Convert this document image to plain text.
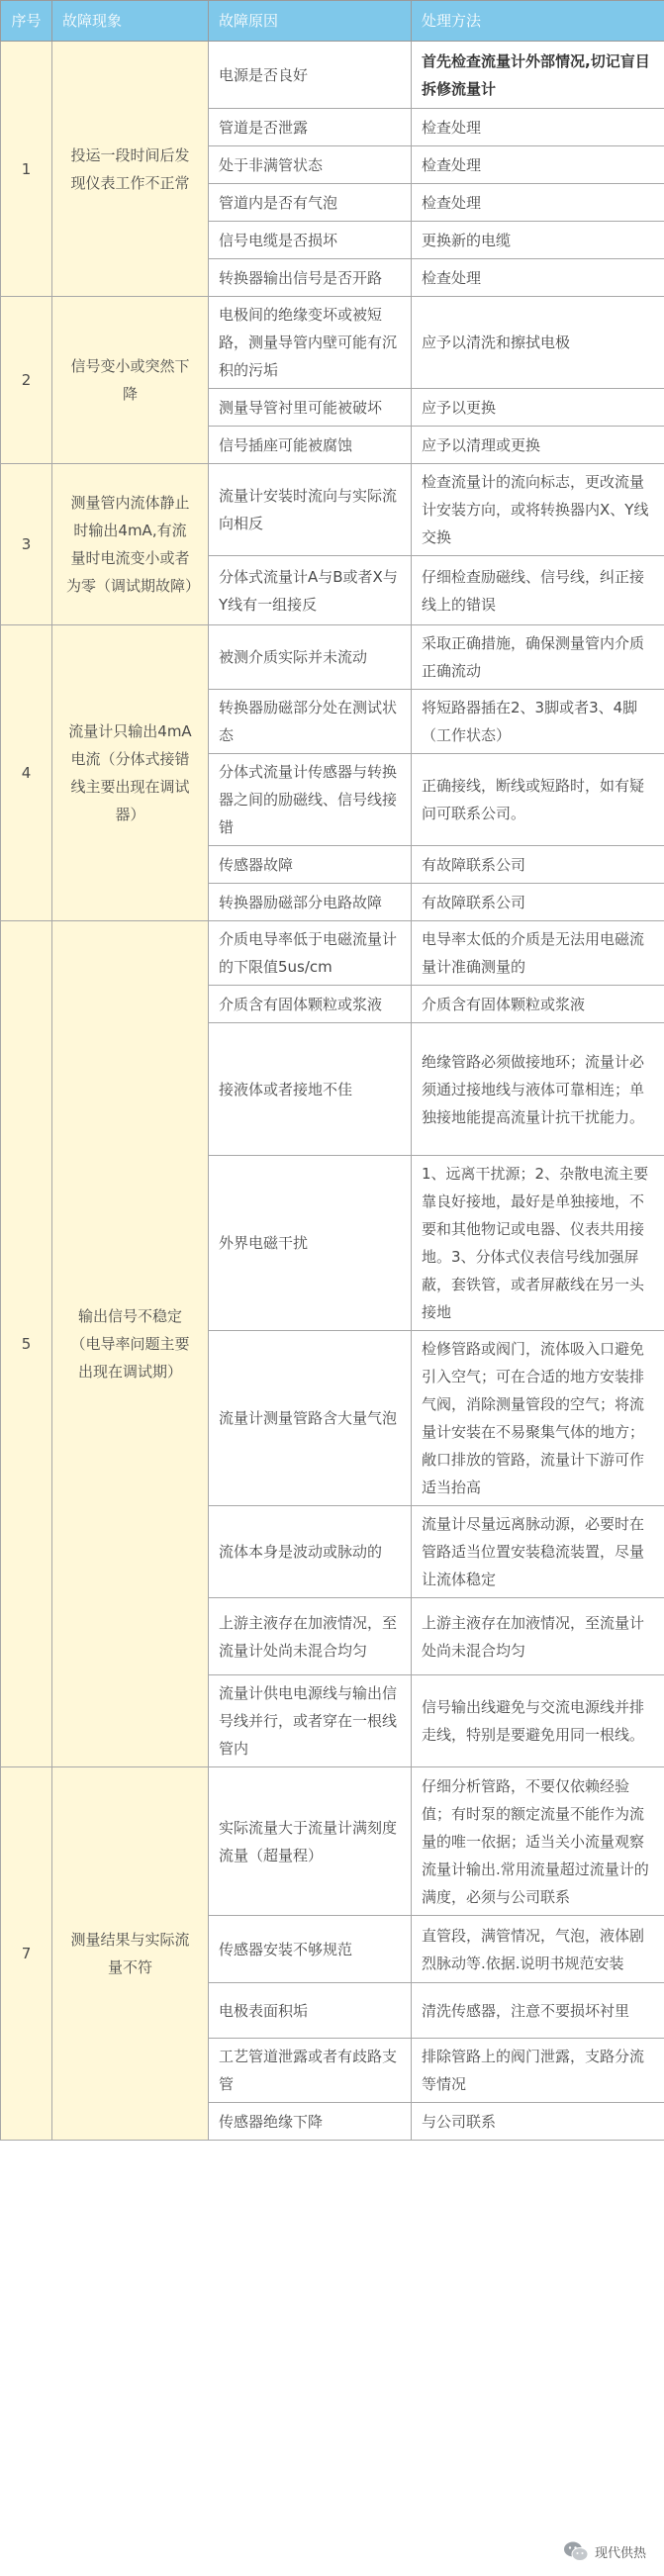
序号	故障现象	故障原因	处理方法
1	投运一段时间后发现仪表工作不正常	电源是否良好	首先检查流量计外部情况,切记盲目拆修流量计
		管道是否泄露	检查处理
		处于非满管状态	检查处理
		管道内是否有气泡	检查处理
		信号电缆是否损坏	更换新的电缆
		转换器输出信号是否开路	检查处理
2	信号变小或突然下降	电极间的绝缘变坏或被短路，测量导管内壁可能有沉积的污垢	应予以清洗和擦拭电极
		测量导管衬里可能被破坏	应予以更换
		信号插座可能被腐蚀	应予以清理或更换
3	测量管内流体静止时输出4mA,有流量时电流变小或者为零（调试期故障）	流量计安装时流向与实际流向相反	检查流量计的流向标志，更改流量计安装方向，或将转换器内X、Y线交换
		分体式流量计A与B或者X与Y线有一组接反	仔细检查励磁线、信号线，纠正接线上的错误
4	流量计只输出4mA电流（分体式接错线主要出现在调试器）	被测介质实际并未流动	采取正确措施，确保测量管内介质正确流动
		转换器励磁部分处在测试状态	将短路器插在2、3脚或者3、4脚（工作状态）
		分体式流量计传感器与转换器之间的励磁线、信号线接错	正确接线，断线或短路时，如有疑问可联系公司。
		传感器故障	有故障联系公司
		转换器励磁部分电路故障	有故障联系公司
5	输出信号不稳定（电导率问题主要出现在调试期）	介质电导率低于电磁流量计的下限值5us/cm	电导率太低的介质是无法用电磁流量计准确测量的
		介质含有固体颗粒或浆液	介质含有固体颗粒或浆液
		接液体或者接地不佳	绝缘管路必须做接地环；流量计必须通过接地线与液体可靠相连；单独接地能提高流量计抗干扰能力。
		外界电磁干扰	1、远离干扰源；2、杂散电流主要靠良好接地，最好是单独接地，不要和其他物记或电器、仪表共用接地。3、分体式仪表信号线加强屏蔽，套铁管，或者屏蔽线在另一头接地
		流量计测量管路含大量气泡	检修管路或阀门，流体吸入口避免引入空气；可在合适的地方安装排气阀，消除测量管段的空气；将流量计安装在不易聚集气体的地方；敞口排放的管路，流量计下游可作适当抬高
		流体本身是波动或脉动的	流量计尽量远离脉动源，必要时在管路适当位置安装稳流装置，尽量让流体稳定
		上游主液存在加液情况，至流量计处尚未混合均匀	上游主液存在加液情况，至流量计处尚未混合均匀
		流量计供电电源线与输出信号线并行，或者穿在一根线管内	信号输出线避免与交流电源线并排走线，特别是要避免用同一根线。
7	测量结果与实际流量不符	实际流量大于流量计满刻度流量（超量程）	仔细分析管路，不要仅依赖经验值；有时泵的额定流量不能作为流量的唯一依据；适当关小流量观察流量计输出.常用流量超过流量计的满度，必须与公司联系
		传感器安装不够规范	直管段，满管情况，气泡，液体剧烈脉动等.依据.说明书规范安装
		电极表面积垢	清洗传感器，注意不要损坏衬里
		工艺管道泄露或者有歧路支管	排除管路上的阀门泄露，支路分流等情况
		传感器绝缘下降	与公司联系
现代供热
